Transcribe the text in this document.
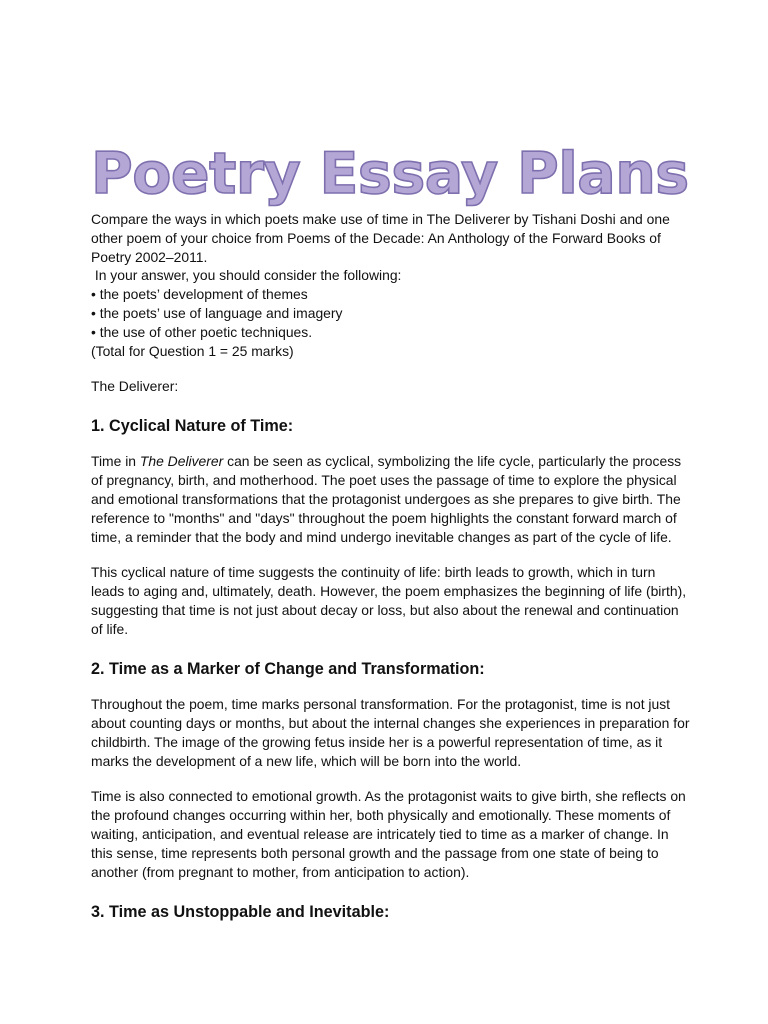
Poetry Essay Plans
Compare the ways in which poets make use of time in The Deliverer by Tishani Doshi and one
other poem of your choice from Poems of the Decade: An Anthology of the Forward Books of
Poetry 2002–2011.
In your answer, you should consider the following:
• the poets’ development of themes
• the poets’ use of language and imagery
• the use of other poetic techniques.
(Total for Question 1 = 25 marks)

The Deliverer:

1. Cyclical Nature of Time:

Time in The Deliverer can be seen as cyclical, symbolizing the life cycle, particularly the process of pregnancy, birth, and motherhood. The poet uses the passage of time to explore the physical and emotional transformations that the protagonist undergoes as she prepares to give birth. The reference to "months" and "days" throughout the poem highlights the constant forward march of time, a reminder that the body and mind undergo inevitable changes as part of the cycle of life.

This cyclical nature of time suggests the continuity of life: birth leads to growth, which in turn leads to aging and, ultimately, death. However, the poem emphasizes the beginning of life (birth), suggesting that time is not just about decay or loss, but also about the renewal and continuation of life.

2. Time as a Marker of Change and Transformation:

Throughout the poem, time marks personal transformation. For the protagonist, time is not just about counting days or months, but about the internal changes she experiences in preparation for childbirth. The image of the growing fetus inside her is a powerful representation of time, as it marks the development of a new life, which will be born into the world.

Time is also connected to emotional growth. As the protagonist waits to give birth, she reflects on the profound changes occurring within her, both physically and emotionally. These moments of waiting, anticipation, and eventual release are intricately tied to time as a marker of change. In this sense, time represents both personal growth and the passage from one state of being to another (from pregnant to mother, from anticipation to action).

3. Time as Unstoppable and Inevitable:
